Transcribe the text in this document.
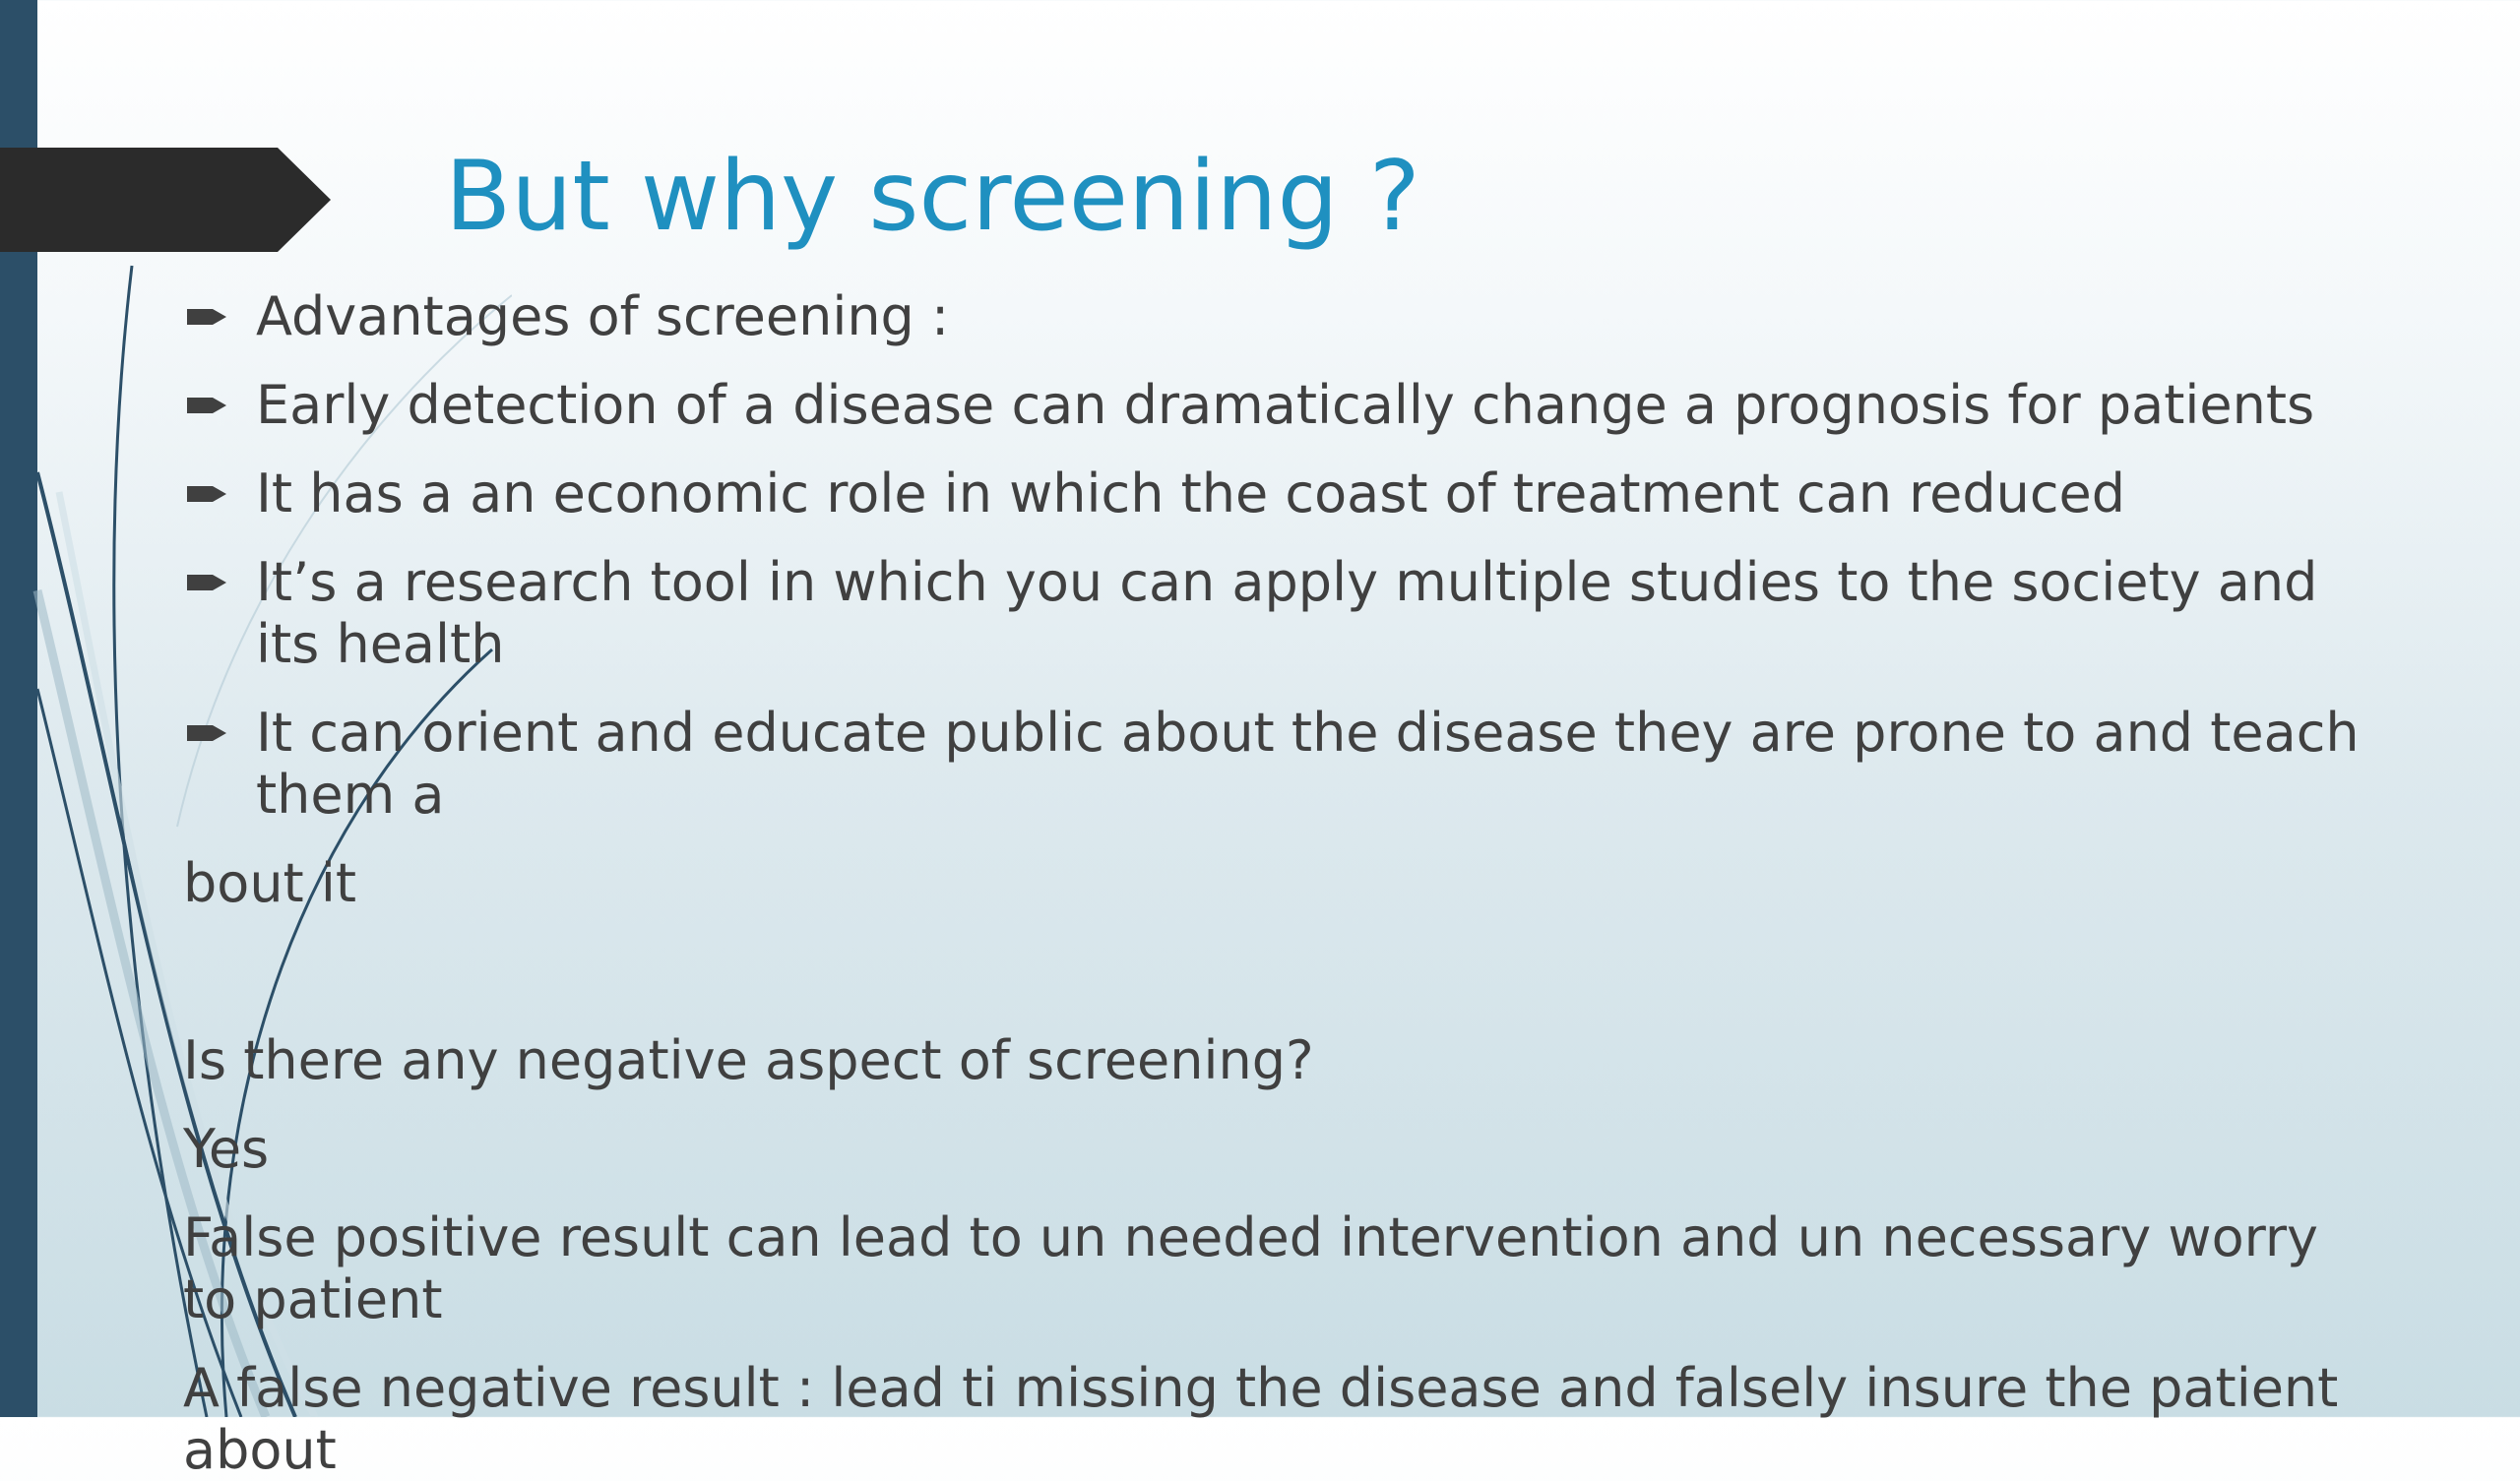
But why screening ?
Advantages of screening :
Early detection of a disease can dramatically change a prognosis for patients
It has a an economic role in which the coast of treatment can reduced
It’s a research tool in which you can apply multiple studies to the society and its health
It can orient and educate public about the disease they are prone to and teach them a

bout it

Is there any negative aspect of screening?

Yes

False positive result can lead to un needed intervention and un necessary worry to patient

A false negative result : lead ti missing the disease and falsely insure the patient about
